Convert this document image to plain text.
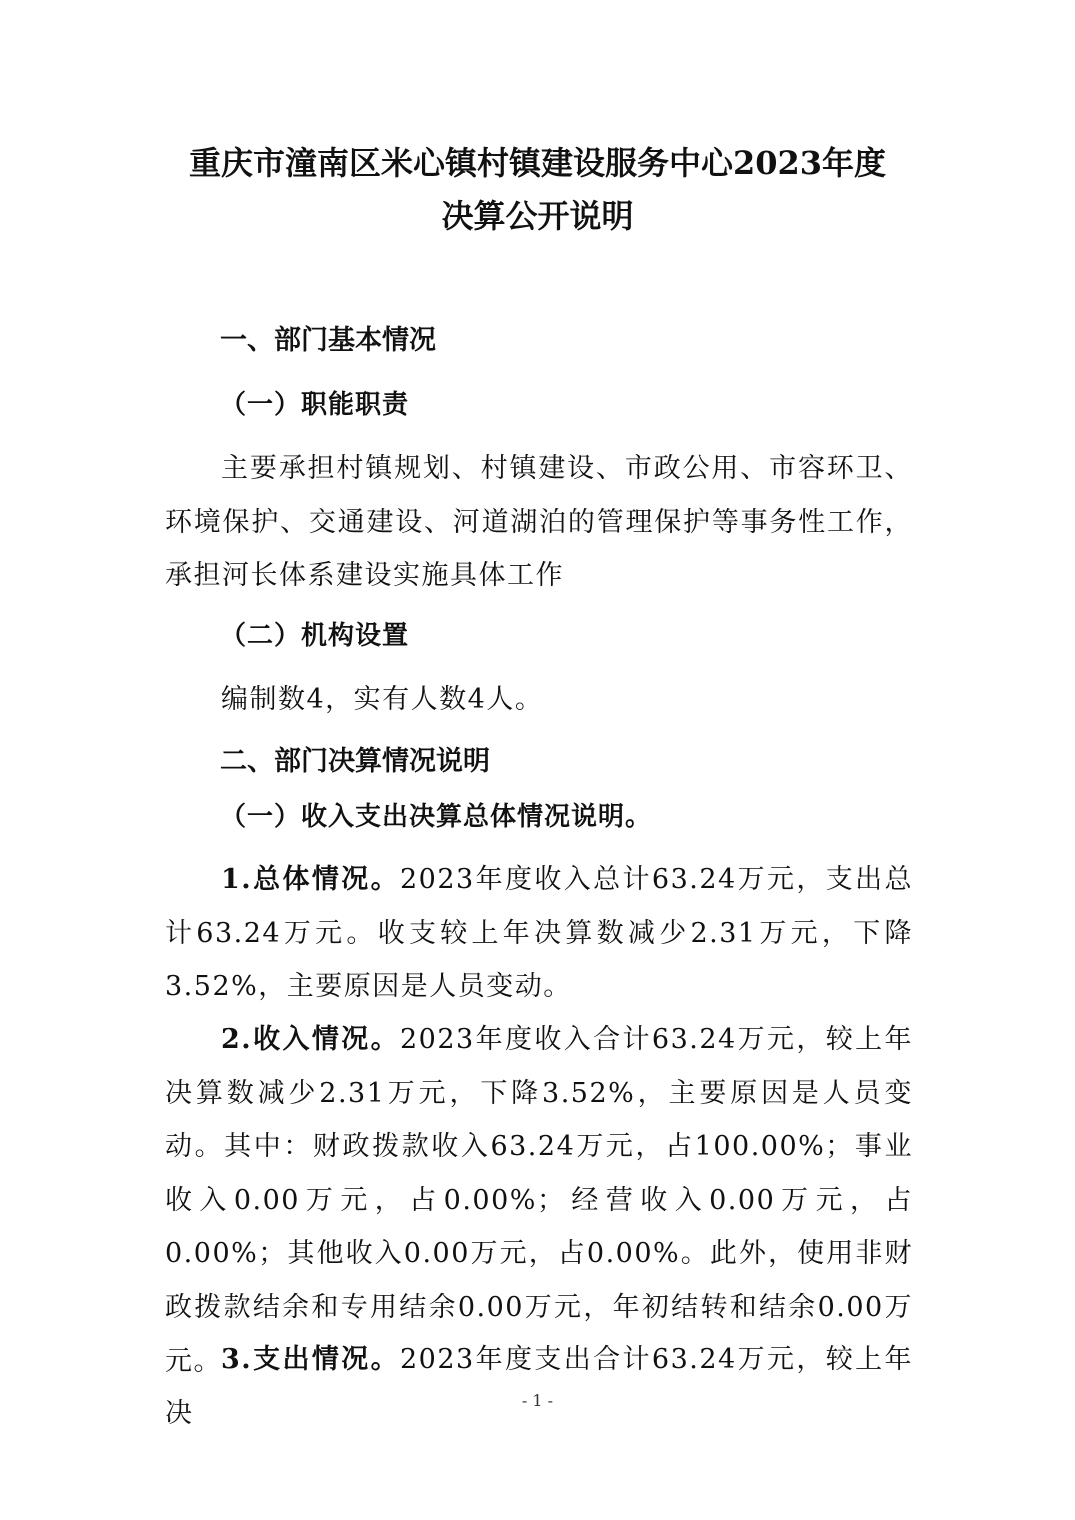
重庆市潼南区米心镇村镇建设服务中心2023年度
决算公开说明
一、部门基本情况
（一）职能职责

主要承担村镇规划、村镇建设、市政公用、市容环卫、环境保护、交通建设、河道湖泊的管理保护等事务性工作，承担河长体系建设实施具体工作

（二）机构设置

编制数4，实有人数4人。

二、部门决算情况说明
（一）收入支出决算总体情况说明。

1.总体情况。2023年度收入总计63.24万元，支出总计63.24万元。收支较上年决算数减少2.31万元，下降3.52%，主要原因是人员变动。

2.收入情况。2023年度收入合计63.24万元，较上年决算数减少2.31万元，下降3.52%，主要原因是人员变动。其中：财政拨款收入63.24万元，占100.00%；事业收入0.00万元，占0.00%；经营收入0.00万元，占0.00%；其他收入0.00万元，占0.00%。此外，使用非财政拨款结余和专用结余0.00万元，年初结转和结余0.00万元。 3.支出情况。2023年度支出合计63.24万元，较上年决	- 1 -
